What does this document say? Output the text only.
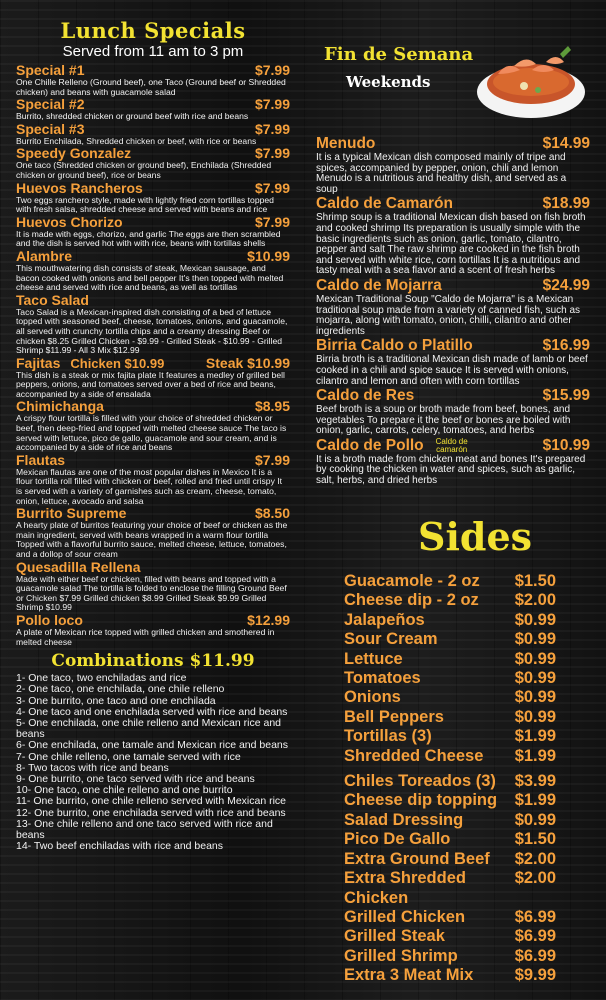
Lunch Specials
Served from 11 am to 3 pm
Special #1	$7.99
One Chille Relleno (Ground beef), one Taco (Ground beef or Shredded chicken) and beans with guacamole salad
Special #2	$7.99
Burrito, shredded chicken or ground beef with rice and beans
Special #3	$7.99
Burrito Enchilada, Shredded chicken or beef, with rice or beans
Speedy Gonzalez	$7.99
One taco (Shredded chicken or ground beef), Enchilada (Shredded chicken or ground beef), rice or beans
Huevos Rancheros	$7.99
Two eggs ranchero style, made with lightly fried corn tortillas topped with fresh salsa, shredded cheese and served with beans and rice
Huevos Chorizo	$7.99
It is made with eggs, chorizo, and garlic The eggs are then scrambled and the dish is served hot with with rice, beans with tortillas shells
Alambre	$10.99
This mouthwatering dish consists of steak, Mexican sausage, and bacon cooked with onions and bell pepper It's then topped with melted cheese and served with rice and beans, as well as tortillas
Taco Salad
Taco Salad is a Mexican-inspired dish consisting of a bed of lettuce topped with seasoned beef, cheese, tomatoes, onions, and guacamole, all served with crunchy tortilla chips and a creamy dressing Beef or chicken $8.25 Grilled Chicken - $9.99 - Grilled Steak - $10.99 - Grilled Shrimp $11.99 - All 3 Mix $12.99
Fajitas Chicken $10.99	Steak $10.99
This dish is a steak or mix fajita plate It features a medley of grilled bell peppers, onions, and tomatoes served over a bed of rice and beans, accompanied by a side of ensalada
Chimichanga	$8.95
A crispy flour tortilla is filled with your choice of shredded chicken or beef, then deep-fried and topped with melted cheese sauce The taco is served with lettuce, pico de gallo, guacamole and sour cream, and is accompanied by a side of rice and beans
Flautas	$7.99
Mexican flautas are one of the most popular dishes in Mexico It is a flour tortilla roll filled with chicken or beef, rolled and fried until crispy It is served with a variety of garnishes such as cream, cheese, tomato, onion, lettuce, avocado and salsa
Burrito Supreme	$8.50
A hearty plate of burritos featuring your choice of beef or chicken as the main ingredient, served with beans wrapped in a warm flour tortilla Topped with a flavorful burrito sauce, melted cheese, lettuce, tomatoes, and a dollop of sour cream
Quesadilla Rellena
Made with either beef or chicken, filled with beans and topped with a guacamole salad The tortilla is folded to enclose the filling Ground Beef or Chicken $7.99 Grilled chicken $8.99 Grilled Steak $9.99 Grilled Shrimp $10.99
Pollo loco	$12.99
A plate of Mexican rice topped with grilled chicken and smothered in melted cheese
Combinations $11.99
1- One taco, two enchiladas and rice
2- One taco, one enchilada, one chile relleno
3- One burrito, one taco and one enchilada
4- One taco and one enchilada served with rice and beans
5- One enchilada, one chile relleno and Mexican rice and beans
6- One enchilada, one tamale and Mexican rice and beans
7- One chile relleno, one tamale served with rice
8- Two tacos with rice and beans
9- One burrito, one taco served with rice and beans
10- One taco, one chile relleno and one burrito
11- One burrito, one chile relleno served with Mexican rice
12- One burrito, one enchilada served with rice and beans
13- One chile relleno and one taco served with rice and beans
14- Two beef enchiladas with rice and beans
Fin de Semana
Weekends
Menudo	$14.99
It is a typical Mexican dish composed mainly of tripe and spices, accompanied by pepper, onion, chili and lemon Menudo is a nutritious and healthy dish, and served as a soup
Caldo de Camarón	$18.99
Shrimp soup is a traditional Mexican dish based on fish broth and cooked shrimp Its preparation is usually simple with the basic ingredients such as onion, garlic, tomato, cilantro, pepper and salt The raw shrimp are cooked in the fish broth and served with white rice, corn tortillas It is a nutritious and tasty meal with a sea flavor and a scent of fresh herbs
Caldo de Mojarra	$24.99
Mexican Traditional Soup "Caldo de Mojarra" is a Mexican traditional soup made from a variety of canned fish, such as mojarra, along with tomato, onion, chilli, cilantro and other ingredients
Birria Caldo o Platillo	$16.99
Birria broth is a traditional Mexican dish made of lamb or beef cooked in a chili and spice sauce It is served with onions, cilantro and lemon and often with corn tortillas
Caldo de Res	$15.99
Beef broth is a soup or broth made from beef, bones, and vegetables To prepare it the beef or bones are boiled with onion, garlic, carrots, celery, tomatoes, and herbs
Caldo de Pollo Caldo de camarón	$10.99
It is a broth made from chicken meat and bones It's prepared by cooking the chicken in water and spices, such as garlic, salt, herbs, and dried herbs
Sides
Guacamole - 2 oz $1.50
Cheese dip - 2 oz $2.00
Jalapeños	$0.99
Sour Cream	$0.99
Lettuce	$0.99
Tomatoes	$0.99
Onions	$0.99
Bell Peppers	$0.99
Tortillas (3)	$1.99
Shredded Cheese $1.99
Chiles Toreados (3) $3.99
Cheese dip topping $1.99
Salad Dressing	$0.99
Pico De Gallo	$1.50
Extra Ground Beef $2.00
Extra Shredded Chicken
$2.00
Grilled Chicken	$6.99
Grilled Steak	$6.99
Grilled Shrimp	$6.99
Extra 3 Meat Mix	$9.99
